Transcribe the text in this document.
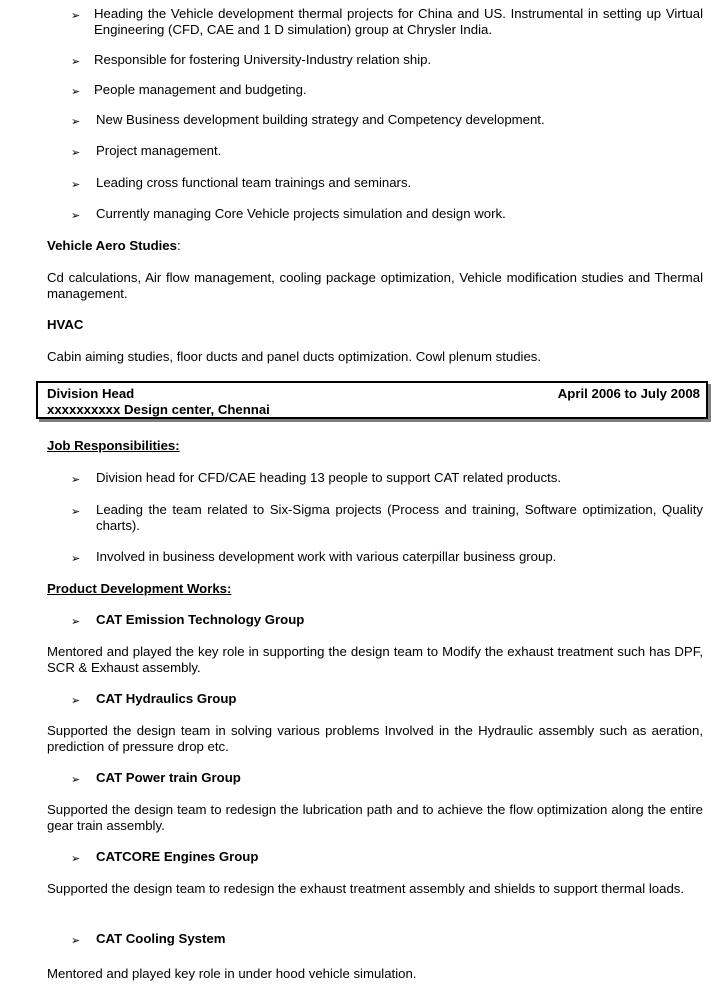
➢ Heading the Vehicle development thermal projects for China and US. Instrumental in setting up Virtual Engineering (CFD, CAE and 1 D simulation) group at Chrysler India.
➢ Responsible for fostering University-Industry relation ship.
➢ People management and budgeting.
➢ New Business development building strategy and Competency development.
➢ Project management.
➢ Leading cross functional team trainings and seminars.
➢ Currently managing Core Vehicle projects simulation and design work.
Vehicle Aero Studies:
Cd calculations, Air flow management, cooling package optimization, Vehicle modification studies and Thermal management.
HVAC
Cabin aiming studies, floor ducts and panel ducts optimization. Cowl plenum studies.
Division Head
xxxxxxxxxx Design center, Chennai
April 2006 to July 2008
Job Responsibilities:
➢ Division head for CFD/CAE heading 13 people to support CAT related products.
➢ Leading the team related to Six-Sigma projects (Process and training, Software optimization, Quality charts).
➢ Involved in business development work with various caterpillar business group.
Product Development Works:
➢ CAT Emission Technology Group
Mentored and played the key role in supporting the design team to Modify the exhaust treatment such has DPF, SCR & Exhaust assembly.
➢ CAT Hydraulics Group
Supported the design team in solving various problems Involved in the Hydraulic assembly such as aeration, prediction of pressure drop etc.
➢ CAT Power train Group
Supported the design team to redesign the lubrication path and to achieve the flow optimization along the entire gear train assembly.
➢ CATCORE Engines Group
Supported the design team to redesign the exhaust treatment assembly and shields to support thermal loads.
➢ CAT Cooling System
Mentored and played key role in under hood vehicle simulation.
